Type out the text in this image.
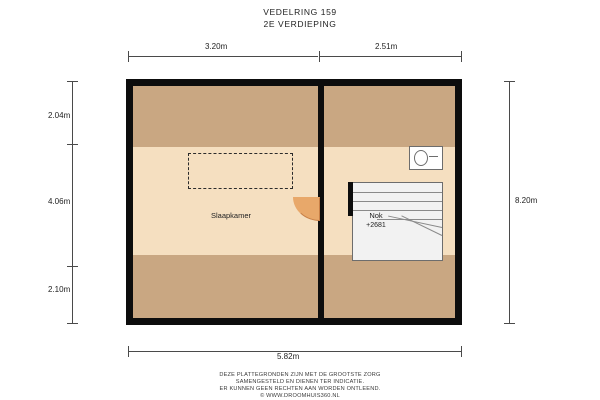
VEDELRING 159
2E VERDIEPING
3.20m	2.51m
2.04m
4.06m
2.10m
8.20m
5.82m
Slaapkamer	Nok
+2681
DEZE PLATTEGRONDEN ZIJN MET DE GROOTSTE ZORG
SAMENGESTELD EN DIENEN TER INDICATIE.
ER KUNNEN GEEN RECHTEN AAN WORDEN ONTLEEND.
© WWW.DROOMHUIS360.NL
